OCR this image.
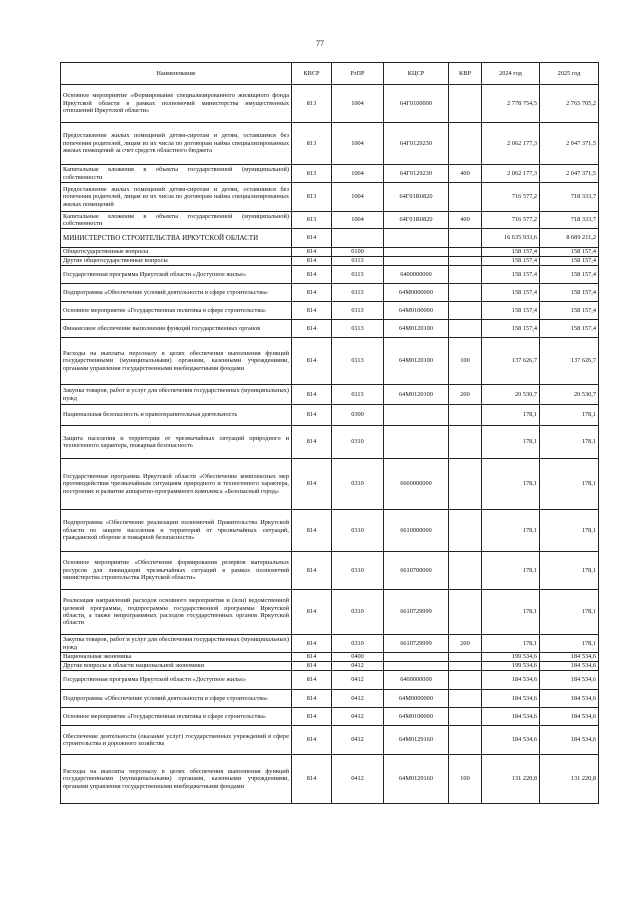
77
Наименование	КВСР	РзПР	КЦСР	КВР	2024 год	2025 год
Основное мероприятие «Формирование специализированного жилищного фонда Иркутской области в рамках полномочий министерства имущественных отношений Иркутской области»	813	1004	64Г0100000		2 778 754,5	2 765 705,2
Предоставление жилых помещений детям-сиротам и детям, оставшимся без попечения родителей, лицам из их числа по договорам найма специализированных жилых помещений за счет средств областного бюджета	813	1004	64Г0129230		2 062 177,3	2 047 371,5
Капитальные вложения в объекты государственной (муниципальной) собственности	813	1004	64Г0129230	400	2 062 177,3	2 047 371,5
Предоставление жилых помещений детям-сиротам и детям, оставшимся без попечения родителей, лицам из их числа по договорам найма специализированных жилых помещений	813	1004	64Г01R0820		716 577,2	718 333,7
Капитальные вложения в объекты государственной (муниципальной) собственности	813	1004	64Г01R0820	400	716 577,2	718 333,7
МИНИСТЕРСТВО СТРОИТЕЛЬСТВА ИРКУТСКОЙ ОБЛАСТИ	814				16 635 933,6	8 689 211,2
Общегосударственные вопросы	814	0100			158 157,4	158 157,4
Другие общегосударственные вопросы	814	0113			158 157,4	158 157,4
Государственная программа Иркутской области «Доступное жилье»	814	0113	6400000000		158 157,4	158 157,4
Подпрограмма «Обеспечение условий деятельности в сфере строительства»	814	0113	64М0000000		158 157,4	158 157,4
Основное мероприятие «Государственная политика в сфере строительства»	814	0113	64М0100000		158 157,4	158 157,4
Финансовое обеспечение выполнения функций государственных органов	814	0113	64М0120100		158 157,4	158 157,4
Расходы на выплаты персоналу в целях обеспечения выполнения функций государственными (муниципальными) органами, казенными учреждениями, органами управления государственными внебюджетными фондами	814	0113	64М0120100	100	137 626,7	137 626,7
Закупка товаров, работ и услуг для обеспечения государственных (муниципальных) нужд	814	0113	64М0120100	200	20 530,7	20 530,7
Национальная безопасность и правоохранительная деятельность	814	0300			178,1	178,1
Защита населения и территории от чрезвычайных ситуаций природного и техногенного характера, пожарная безопасность	814	0310			178,1	178,1
Государственная программа Иркутской области «Обеспечение комплексных мер противодействия чрезвычайным ситуациям природного и техногенного характера, построение и развитие аппаратно-программного комплекса «Безопасный город»	814	0310	6600000000		178,1	178,1
Подпрограмма «Обеспечение реализации полномочий Правительства Иркутской области по защите населения и территорий от чрезвычайных ситуаций, гражданской обороне и пожарной безопасности»	814	0310	6610000000		178,1	178,1
Основное мероприятие «Обеспечение формирования резервов материальных ресурсов для ликвидации чрезвычайных ситуаций в рамках полномочий министерства строительства Иркутской области»	814	0310	6610700000		178,1	178,1
Реализация направлений расходов основного мероприятия и (или) ведомственной целевой программы, подпрограммы государственной программы Иркутской области, а также непрограммных расходов государственных органов Иркутской области	814	0310	6610729999		178,1	178,1
Закупка товаров, работ и услуг для обеспечения государственных (муниципальных) нужд	814	0310	6610729999	200	178,1	178,1
Национальная экономика	814	0400			199 534,6	184 534,6
Другие вопросы в области национальной экономики	814	0412			199 534,6	184 534,6
Государственная программа Иркутской области «Доступное жилье»	814	0412	6400000000		184 534,6	184 534,6
Подпрограмма «Обеспечение условий деятельности в сфере строительства»	814	0412	64М0000000		184 534,6	184 534,6
Основное мероприятие «Государственная политика в сфере строительства»	814	0412	64М0100000		184 534,6	184 534,6
Обеспечение деятельности (оказание услуг) государственных учреждений в сфере строительства и дорожного хозяйства	814	0412	64М0129160		184 534,6	184 534,6
Расходы на выплаты персоналу в целях обеспечения выполнения функций государственными (муниципальными) органами, казенными учреждениями, органами управления государственными внебюджетными фондами	814	0412	64М0129160	100	131 220,8	131 220,8
